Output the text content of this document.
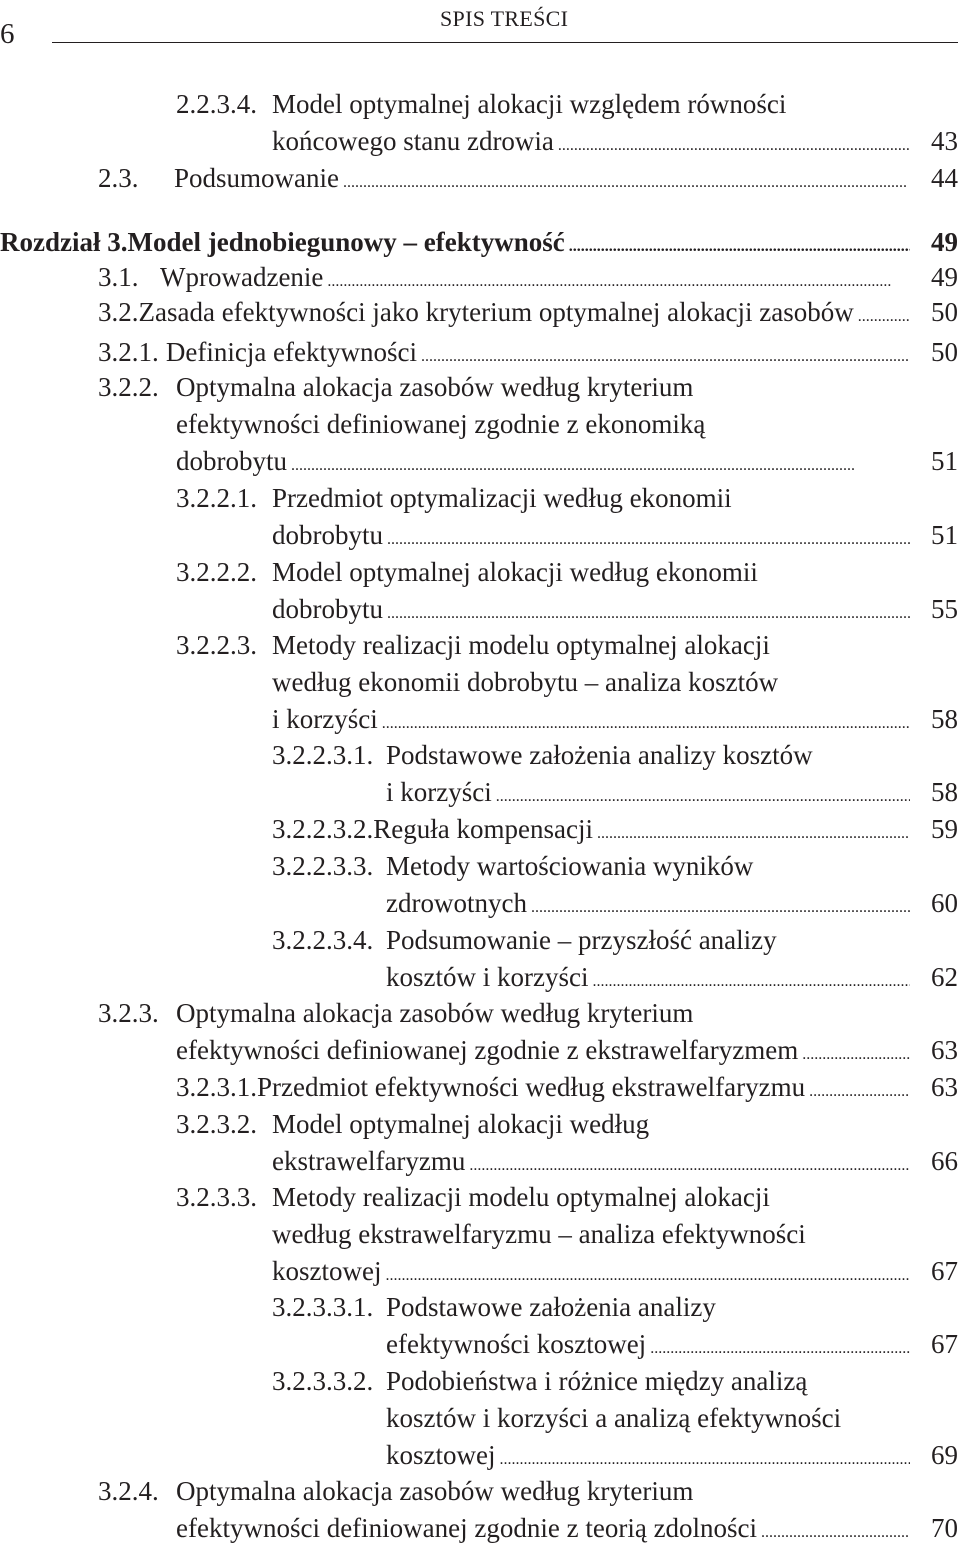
6	SPIS TREŚCI
2.2.3.4. Model optymalnej alokacji względem równości
końcowego stanu zdrowia . . .	43
2.3.	Podsumowanie . . .	44
Rozdział 3. Model jednobiegunowy – efektywność . . .	49
3.1. Wprowadzenie . . .	49
3.2. Zasada efektywności jako kryterium optymalnej alokacji zasobów . . .	50
3.2.1. Definicja efektywności . . .	50
3.2.2. Optymalna alokacja zasobów według kryterium
efektywności definiowanej zgodnie z ekonomiką
dobrobytu . . .	51
3.2.2.1. Przedmiot optymalizacji według ekonomii
dobrobytu . . .	51
3.2.2.2. Model optymalnej alokacji według ekonomii
dobrobytu . . .	55
3.2.2.3. Metody realizacji modelu optymalnej alokacji
według ekonomii dobrobytu – analiza kosztów
i korzyści . . .	58
3.2.2.3.1. Podstawowe założenia analizy kosztów
i korzyści . . .	58
3.2.2.3.2. Reguła kompensacji . . .	59
3.2.2.3.3. Metody wartościowania wyników
zdrowotnych . . .	60
3.2.2.3.4. Podsumowanie – przyszłość analizy
kosztów i korzyści . . .	62
3.2.3. Optymalna alokacja zasobów według kryterium
efektywności definiowanej zgodnie z ekstrawelfaryzmem . . .	63
3.2.3.1. Przedmiot efektywności według ekstrawelfaryzmu . . .	63
3.2.3.2. Model optymalnej alokacji według
ekstrawelfaryzmu . . .	66
3.2.3.3. Metody realizacji modelu optymalnej alokacji
według ekstrawelfaryzmu – analiza efektywności
kosztowej . . .	67
3.2.3.3.1. Podstawowe założenia analizy
efektywności kosztowej . . .	67
3.2.3.3.2. Podobieństwa i różnice między analizą
kosztów i korzyści a analizą efektywności
kosztowej . . .	69
3.2.4. Optymalna alokacja zasobów według kryterium
efektywności definiowanej zgodnie z teorią zdolności . . .	70
